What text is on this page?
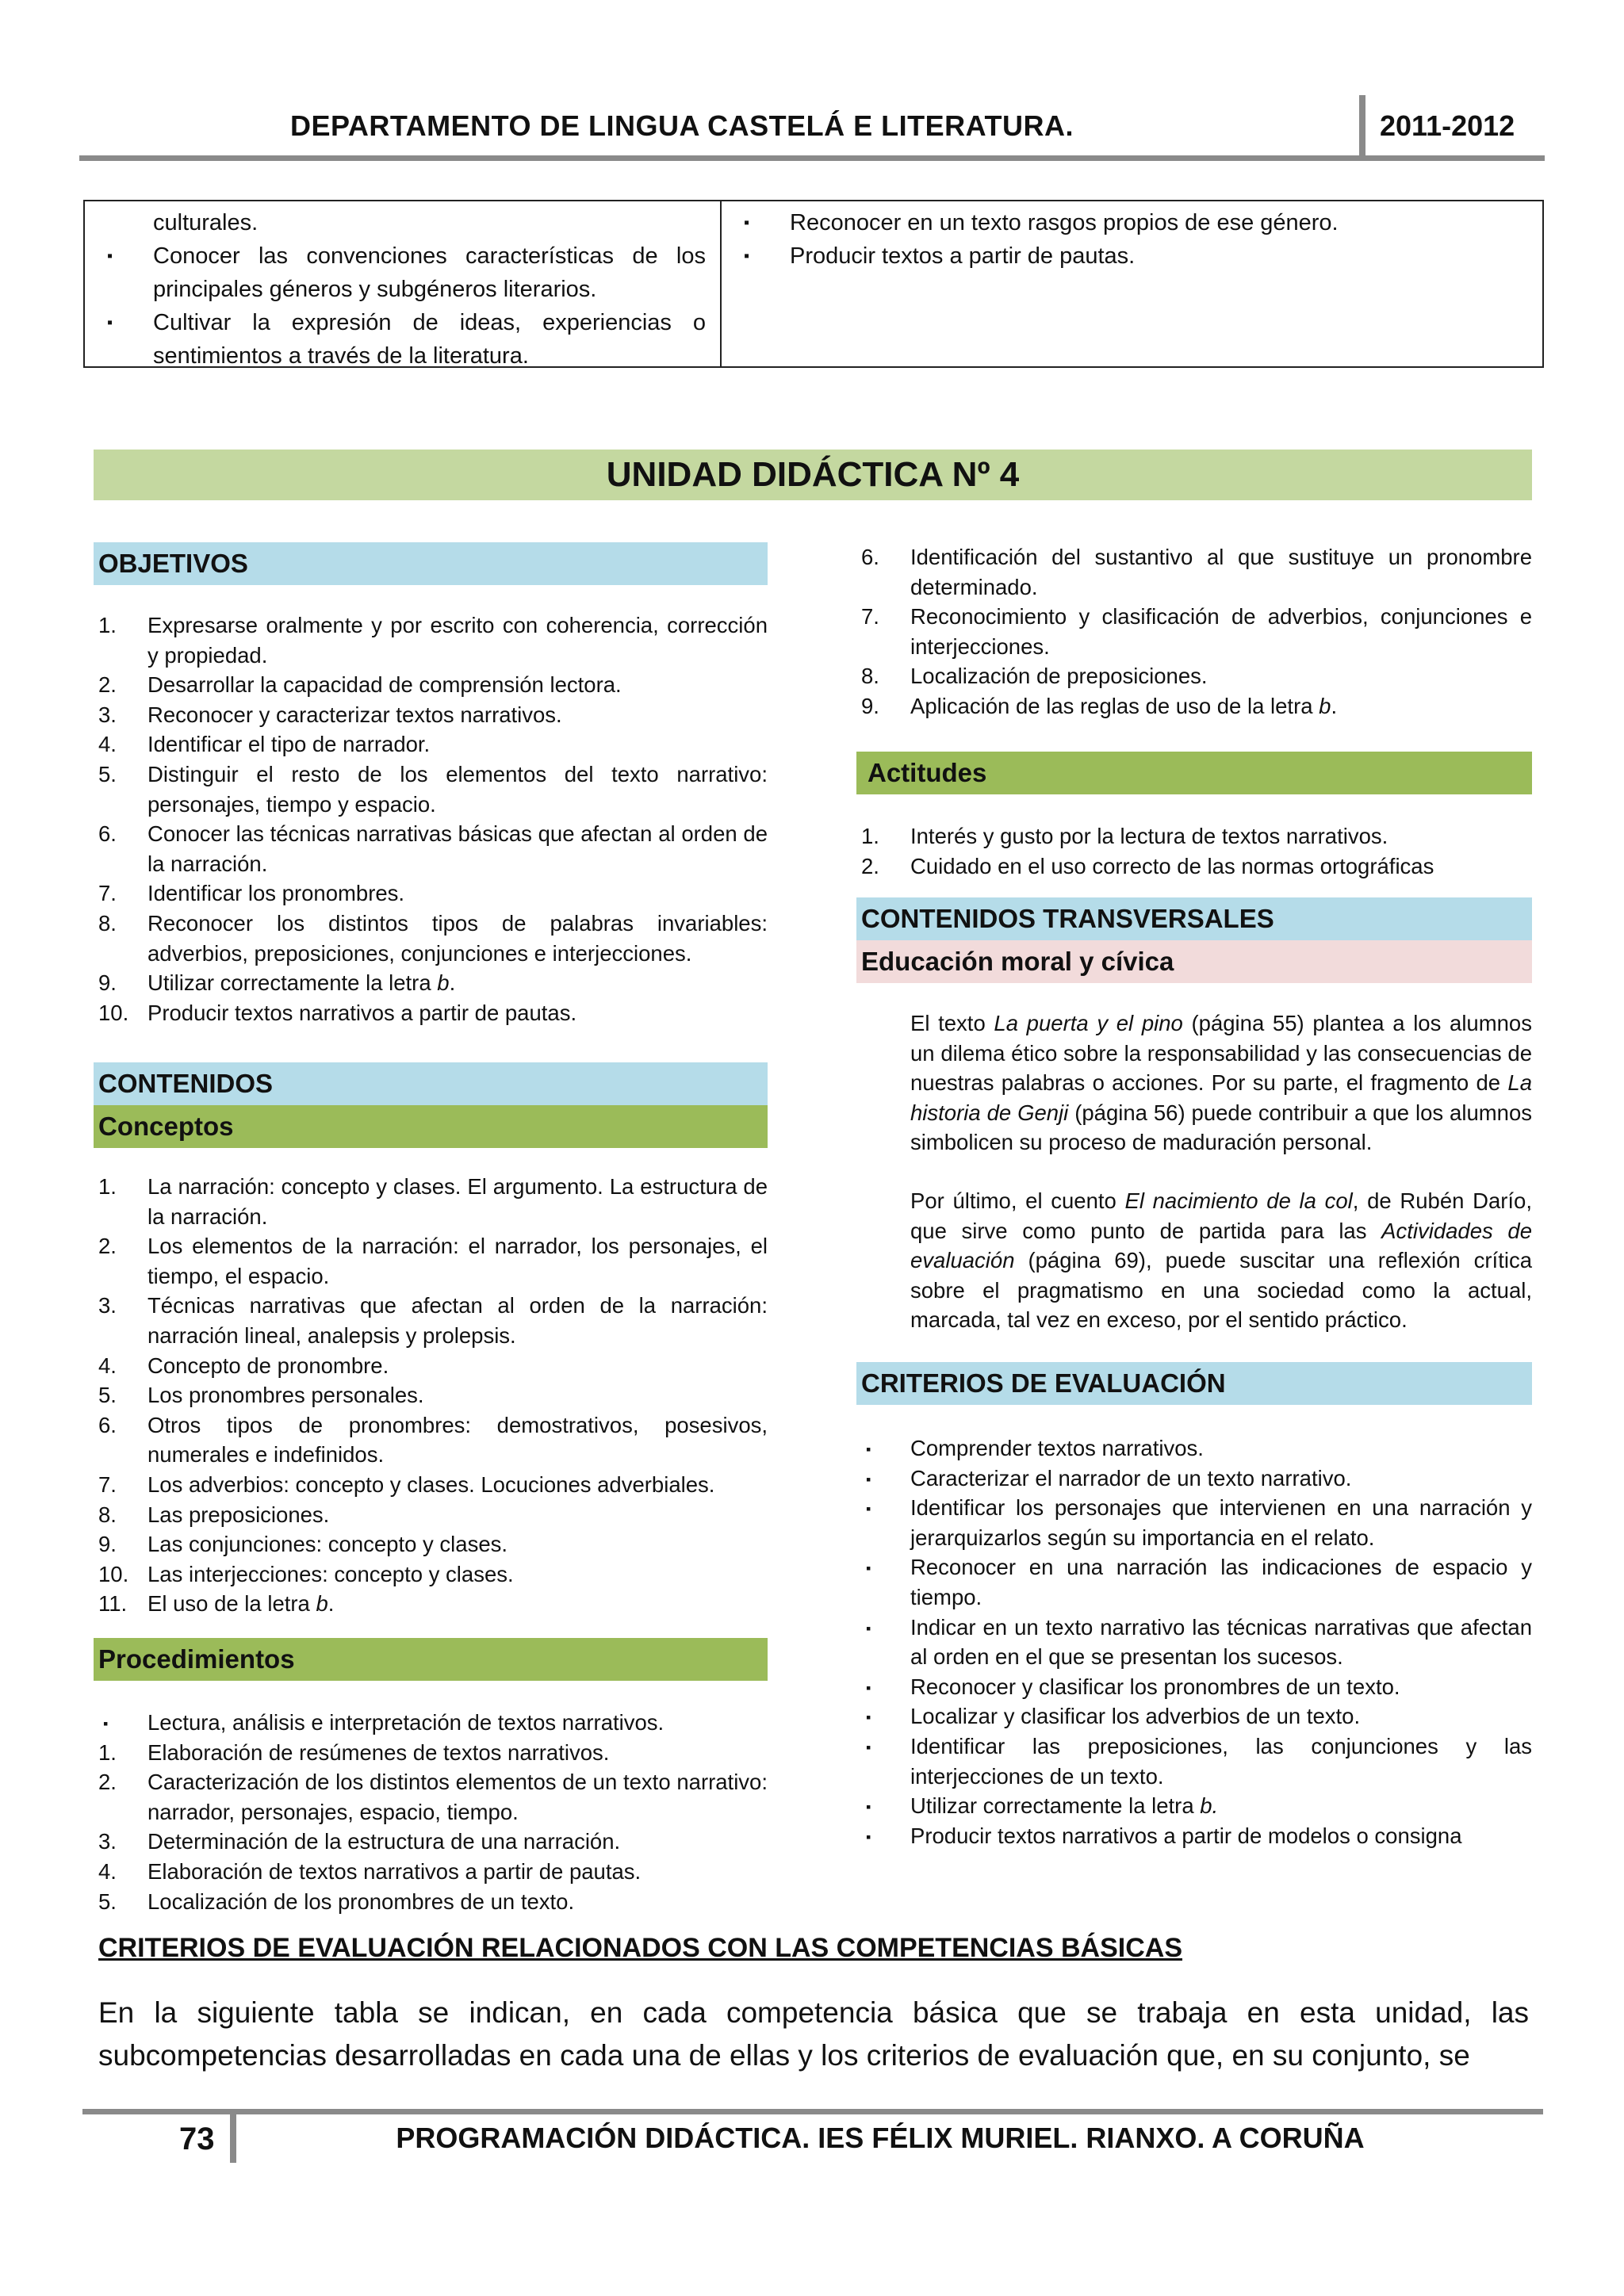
DEPARTAMENTO DE LINGUA CASTELÁ E LITERATURA.	2011-2012
culturales.
▪ Conocer las convenciones características de los principales géneros y subgéneros literarios.
▪ Cultivar la expresión de ideas, experiencias o sentimientos a través de la literatura.
▪ Reconocer en un texto rasgos propios de ese género.
▪ Producir textos a partir de pautas.
UNIDAD DIDÁCTICA Nº 4
OBJETIVOS
1. Expresarse oralmente y por escrito con coherencia, corrección y propiedad.
2. Desarrollar la capacidad de comprensión lectora.
3. Reconocer y caracterizar textos narrativos.
4. Identificar el tipo de narrador.
5. Distinguir el resto de los elementos del texto narrativo: personajes, tiempo y espacio.
6. Conocer las técnicas narrativas básicas que afectan al orden de la narración.
7. Identificar los pronombres.
8. Reconocer los distintos tipos de palabras invariables: adverbios, preposiciones, conjunciones e interjecciones.
9. Utilizar correctamente la letra b.
10. Producir textos narrativos a partir de pautas.
CONTENIDOS
Conceptos
1. La narración: concepto y clases. El argumento. La estructura de la narración.
2. Los elementos de la narración: el narrador, los personajes, el tiempo, el espacio.
3. Técnicas narrativas que afectan al orden de la narración: narración lineal, analepsis y prolepsis.
4. Concepto de pronombre.
5. Los pronombres personales.
6. Otros tipos de pronombres: demostrativos, posesivos, numerales e indefinidos.
7. Los adverbios: concepto y clases. Locuciones adverbiales.
8. Las preposiciones.
9. Las conjunciones: concepto y clases.
10. Las interjecciones: concepto y clases.
11. El uso de la letra b.
Procedimientos
▪ Lectura, análisis e interpretación de textos narrativos.
1. Elaboración de resúmenes de textos narrativos.
2. Caracterización de los distintos elementos de un texto narrativo: narrador, personajes, espacio, tiempo.
3. Determinación de la estructura de una narración.
4. Elaboración de textos narrativos a partir de pautas.
5. Localización de los pronombres de un texto.
6. Identificación del sustantivo al que sustituye un pronombre determinado.
7. Reconocimiento y clasificación de adverbios, conjunciones e interjecciones.
8. Localización de preposiciones.
9. Aplicación de las reglas de uso de la letra b.
Actitudes
1. Interés y gusto por la lectura de textos narrativos.
2. Cuidado en el uso correcto de las normas ortográficas
CONTENIDOS TRANSVERSALES
Educación moral y cívica
El texto La puerta y el pino (página 55) plantea a los alumnos un dilema ético sobre la responsabilidad y las consecuencias de nuestras palabras o acciones. Por su parte, el fragmento de La historia de Genji (página 56) puede contribuir a que los alumnos simbolicen su proceso de maduración personal.
Por último, el cuento El nacimiento de la col, de Rubén Darío, que sirve como punto de partida para las Actividades de evaluación (página 69), puede suscitar una reflexión crítica sobre el pragmatismo en una sociedad como la actual, marcada, tal vez en exceso, por el sentido práctico.
CRITERIOS DE EVALUACIÓN
▪ Comprender textos narrativos.
▪ Caracterizar el narrador de un texto narrativo.
▪ Identificar los personajes que intervienen en una narración y jerarquizarlos según su importancia en el relato.
▪ Reconocer en una narración las indicaciones de espacio y tiempo.
▪ Indicar en un texto narrativo las técnicas narrativas que afectan al orden en el que se presentan los sucesos.
▪ Reconocer y clasificar los pronombres de un texto.
▪ Localizar y clasificar los adverbios de un texto.
▪ Identificar las preposiciones, las conjunciones y las interjecciones de un texto.
▪ Utilizar correctamente la letra b.
▪ Producir textos narrativos a partir de modelos o consigna
CRITERIOS DE EVALUACIÓN RELACIONADOS CON LAS COMPETENCIAS BÁSICAS
En la siguiente tabla se indican, en cada competencia básica que se trabaja en esta unidad, las subcompetencias desarrolladas en cada una de ellas y los criterios de evaluación que, en su conjunto, se
73	PROGRAMACIÓN DIDÁCTICA. IES FÉLIX MURIEL. RIANXO. A CORUÑA
